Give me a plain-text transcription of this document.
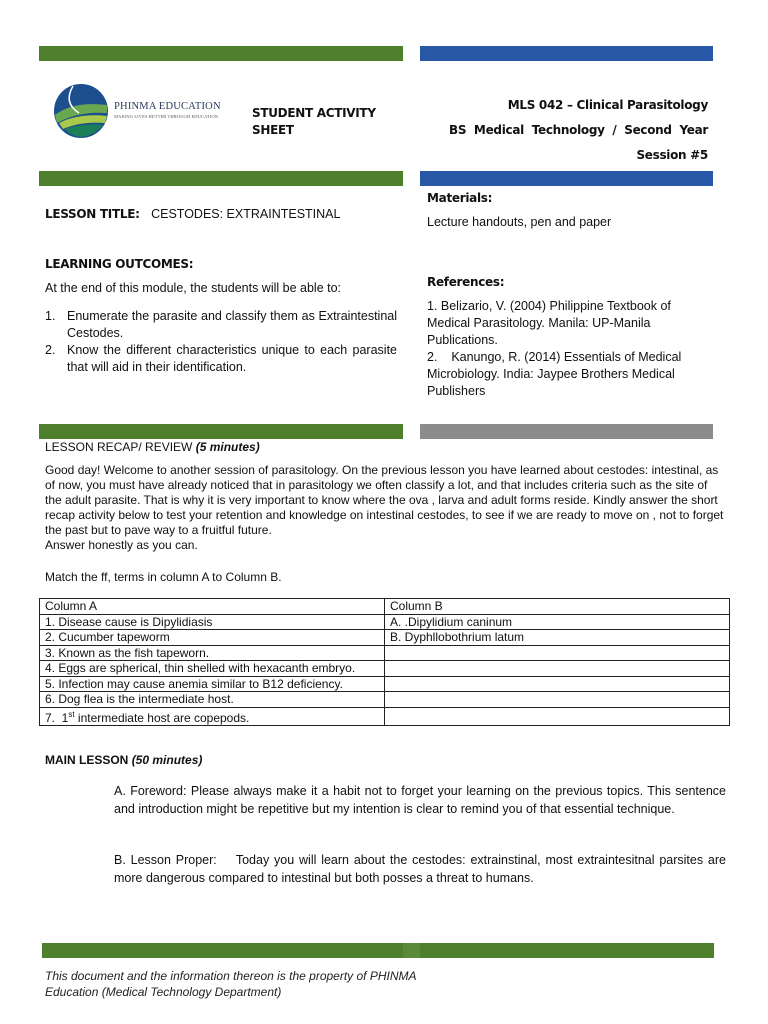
PHINMA EDUCATION
MAKING LIVES BETTER THROUGH EDUCATION	STUDENT ACTIVITY
SHEET
MLS 042 – Clinical Parasitology
BS  Medical  Technology  /  Second  Year
Session #5
LESSON TITLE: CESTODES: EXTRAINTESTINAL
LEARNING OUTCOMES:
At the end of this module, the students will be able to:
1. Enumerate the parasite and classify them as Extraintestinal Cestodes.
2. Know the different characteristics unique to each parasite that will aid in their identification.
Materials:
Lecture handouts, pen and paper
References:
1. Belizario, V. (2004) Philippine Textbook of Medical Parasitology. Manila: UP-Manila Publications.
2.    Kanungo, R. (2014) Essentials of Medical Microbiology. India: Jaypee Brothers Medical Publishers
LESSON RECAP/ REVIEW (5 minutes)
Good day! Welcome to another session of parasitology. On the previous lesson you have learned about cestodes: intestinal, as of now, you must have already noticed that in parasitology we often classify a lot, and that includes criteria such as the site of the adult parasite. That is why it is very important to know where the ova , larva and adult forms reside. Kindly answer the short recap activity below to test your retention and knowledge on intestinal cestodes, to see if we are ready to move on , not to forget the past but to pave way to a fruitful future.
Answer honestly as you can.
Match the ff, terms in column A to Column B.
Column A	Column B
1. Disease cause is Dipylidiasis	A. .Dipylidium caninum
2. Cucumber tapeworm	B. Dyphllobothrium latum
3. Known as the fish tapeworn.	
4. Eggs are spherical, thin shelled with hexacanth embryo.	
5. Infection may cause anemia similar to B12 deficiency.	
6. Dog flea is the intermediate host.	
7.  1st intermediate host are copepods.	
MAIN LESSON (50 minutes)
A. Foreword: Please always make it a habit not to forget your learning on the previous topics. This sentence and introduction might be repetitive but my intention is clear to remind you of that essential technique.
B. Lesson Proper:    Today you will learn about the cestodes: extrainstinal, most extraintesitnal parsites are more dangerous compared to intestinal but both posses a threat to humans.
This document and the information thereon is the property of PHINMA
Education (Medical Technology Department)
